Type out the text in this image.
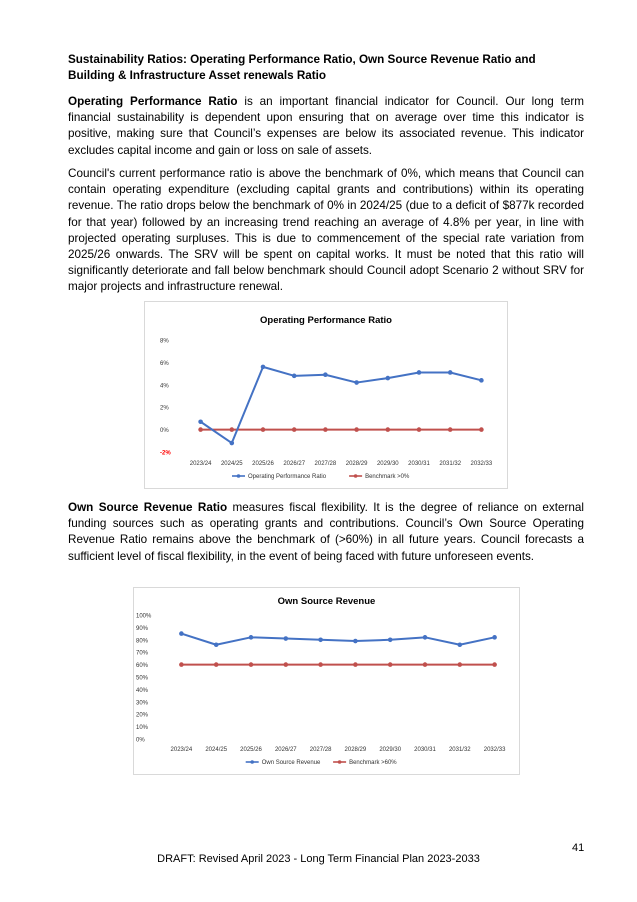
Sustainability Ratios: Operating Performance Ratio, Own Source Revenue Ratio and Building & Infrastructure Asset renewals Ratio
Operating Performance Ratio is an important financial indicator for Council. Our long term financial sustainability is dependent upon ensuring that on average over time this indicator is positive, making sure that Council’s expenses are below its associated revenue. This indicator excludes capital income and gain or loss on sale of assets.
Council's current performance ratio is above the benchmark of 0%, which means that Council can contain operating expenditure (excluding capital grants and contributions) within its operating revenue. The ratio drops below the benchmark of 0% in 2024/25 (due to a deficit of $877k recorded for that year) followed by an increasing trend reaching an average of 4.8% per year, in line with projected operating surpluses. This is due to commencement of the special rate variation from 2025/26 onwards. The SRV will be spent on capital works. It must be noted that this ratio will significantly deteriorate and fall below benchmark should Council adopt Scenario 2 without SRV for major projects and infrastructure renewal.
Operating Performance Ratio
8%
6%
4%
2%
0%
-2%
2023/24 2024/25 2025/26 2026/27 2027/28 2028/29 2029/30 2030/31 2031/32 2032/33
Operating Performance Ratio	Benchmark >0%
Own Source Revenue Ratio measures fiscal flexibility. It is the degree of reliance on external funding sources such as operating grants and contributions. Council’s Own Source Operating Revenue Ratio remains above the benchmark of (>60%) in all future years. Council forecasts a sufficient level of fiscal flexibility, in the event of being faced with future unforeseen events.
Own Source Revenue
100%
90%
80%
70%
60%
50%
40%
30%
20%
10%
0%
2023/24 2024/25 2025/26 2026/27 2027/28 2028/29 2029/30 2030/31 2031/32 2032/33
Own Source Revenue	Benchmark >60%
41
DRAFT: Revised April 2023 - Long Term Financial Plan 2023-2033
